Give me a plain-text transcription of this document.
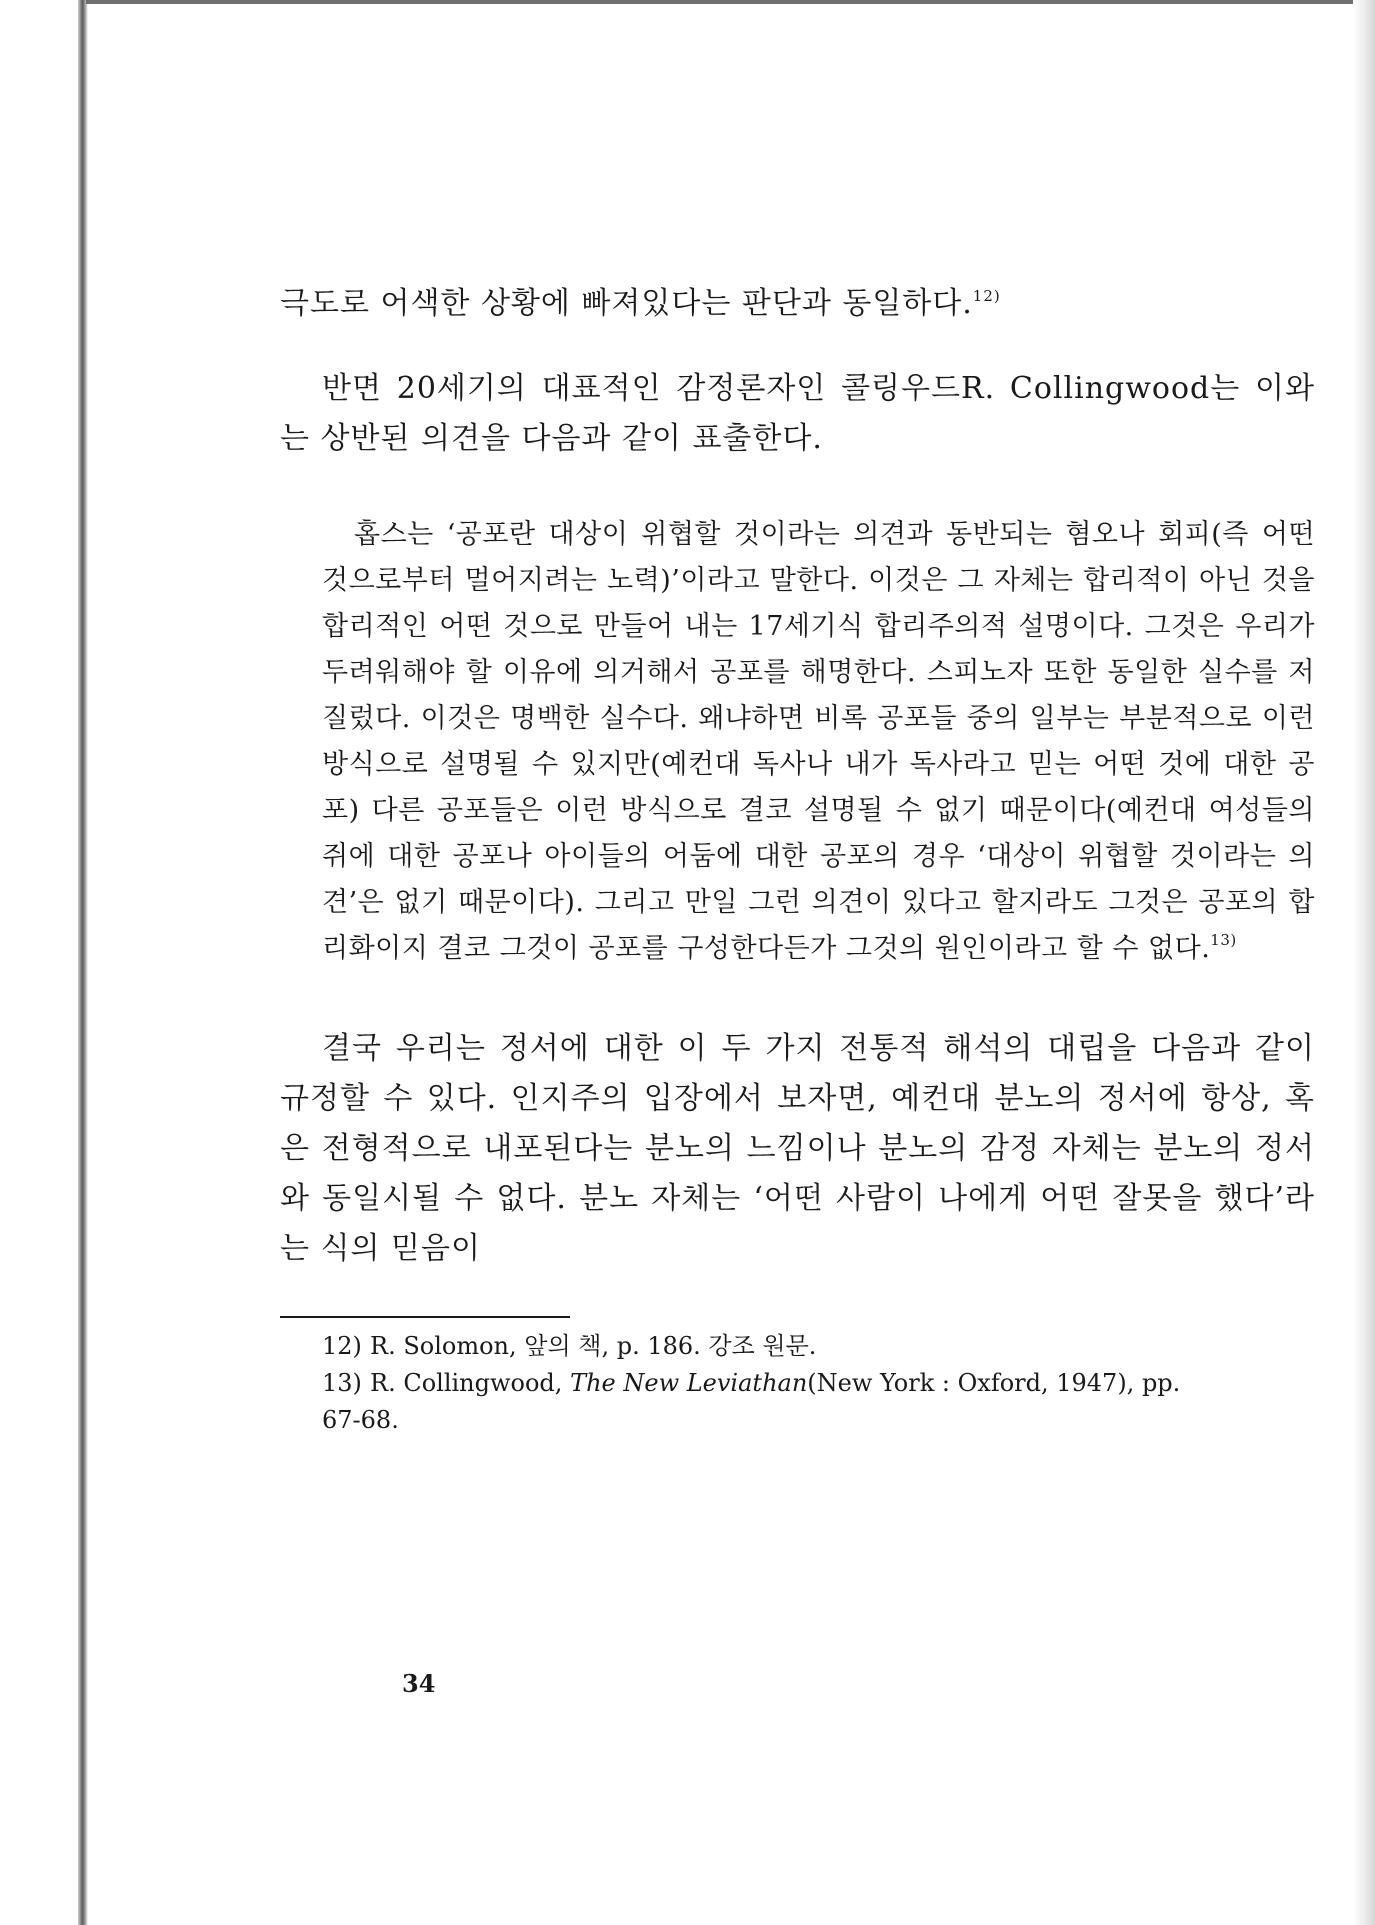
극도로 어색한 상황에 빠져있다는 판단과 동일하다.$^{12)}$

반면 20세기의 대표적인 감정론자인 콜링우드R. Collingwood는 이와는 상반된 의견을 다음과 같이 표출한다.

홉스는 ‘공포란 대상이 위협할 것이라는 의견과 동반되는 혐오나 회피(즉 어떤 것으로부터 멀어지려는 노력)’이라고 말한다. 이것은 그 자체는 합리적이 아닌 것을 합리적인 어떤 것으로 만들어 내는 17세기식 합리주의적 설명이다. 그것은 우리가 두려워해야 할 이유에 의거해서 공포를 해명한다. 스피노자 또한 동일한 실수를 저질렀다. 이것은 명백한 실수다. 왜냐하면 비록 공포들 중의 일부는 부분적으로 이런 방식으로 설명될 수 있지만(예컨대 독사나 내가 독사라고 믿는 어떤 것에 대한 공포) 다른 공포들은 이런 방식으로 결코 설명될 수 없기 때문이다(예컨대 여성들의 쥐에 대한 공포나 아이들의 어둠에 대한 공포의 경우 ‘대상이 위협할 것이라는 의견’은 없기 때문이다). 그리고 만일 그런 의견이 있다고 할지라도 그것은 공포의 합리화이지 결코 그것이 공포를 구성한다든가 그것의 원인이라고 할 수 없다.$^{13)}$

결국 우리는 정서에 대한 이 두 가지 전통적 해석의 대립을 다음과 같이 규정할 수 있다. 인지주의 입장에서 보자면, 예컨대 분노의 정서에 항상, 혹은 전형적으로 내포된다는 분노의 느낌이나 분노의 감정 자체는 분노의 정서와 동일시될 수 없다. 분노 자체는 ‘어떤 사람이 나에게 어떤 잘못을 했다’라는 식의 믿음이

12) R. Solomon, 앞의 책, p. 186. 강조 원문.

13) R. Collingwood, The New Leviathan(New York : Oxford, 1947), pp.

67-68.

34
